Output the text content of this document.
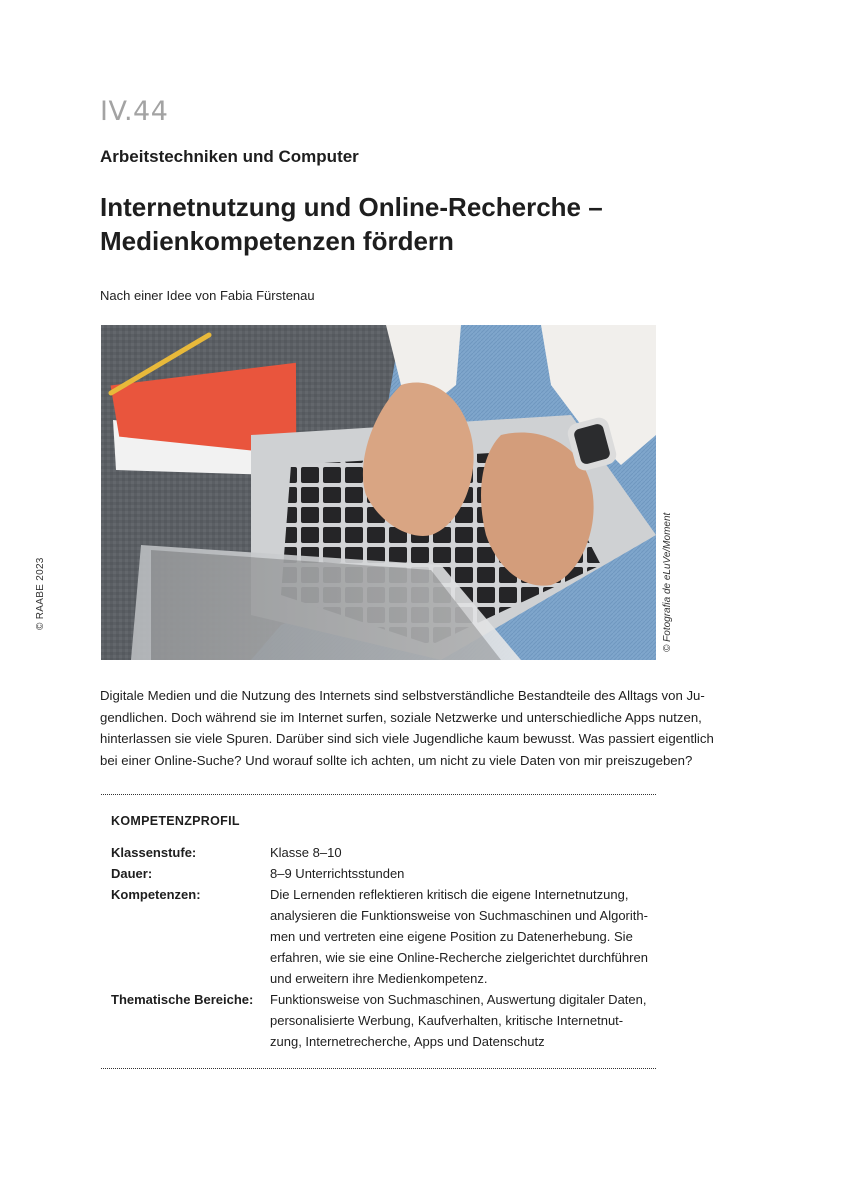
IV.44
Arbeitstechniken und Computer
Internetnutzung und Online-Recherche –
Medienkompetenzen fördern
Nach einer Idee von Fabia Fürstenau
© Fotografia de eLuVe/Moment
© RAABE 2023

Digitale Medien und die Nutzung des Internets sind selbstverständliche Bestandteile des Alltags von Ju-
gendlichen. Doch während sie im Internet surfen, soziale Netzwerke und unterschiedliche Apps nutzen,
hinterlassen sie viele Spuren. Darüber sind sich viele Jugendliche kaum bewusst. Was passiert eigentlich
bei einer Online-Suche? Und worauf sollte ich achten, um nicht zu viele Daten von mir preiszugeben?

KOMPETENZPROFIL
Klassenstufe:	Klasse 8–10
Dauer:	8–9 Unterrichtsstunden
Kompetenzen:	Die Lernenden reflektieren kritisch die eigene Internetnutzung,
analysieren die Funktionsweise von Suchmaschinen und Algorith-
men und vertreten eine eigene Position zu Datenerhebung. Sie
erfahren, wie sie eine Online-Recherche zielgerichtet durchführen
und erweitern ihre Medienkompetenz.
Thematische Bereiche:	Funktionsweise von Suchmaschinen, Auswertung digitaler Daten,
personalisierte Werbung, Kaufverhalten, kritische Internetnut-
zung, Internetrecherche, Apps und Datenschutz
